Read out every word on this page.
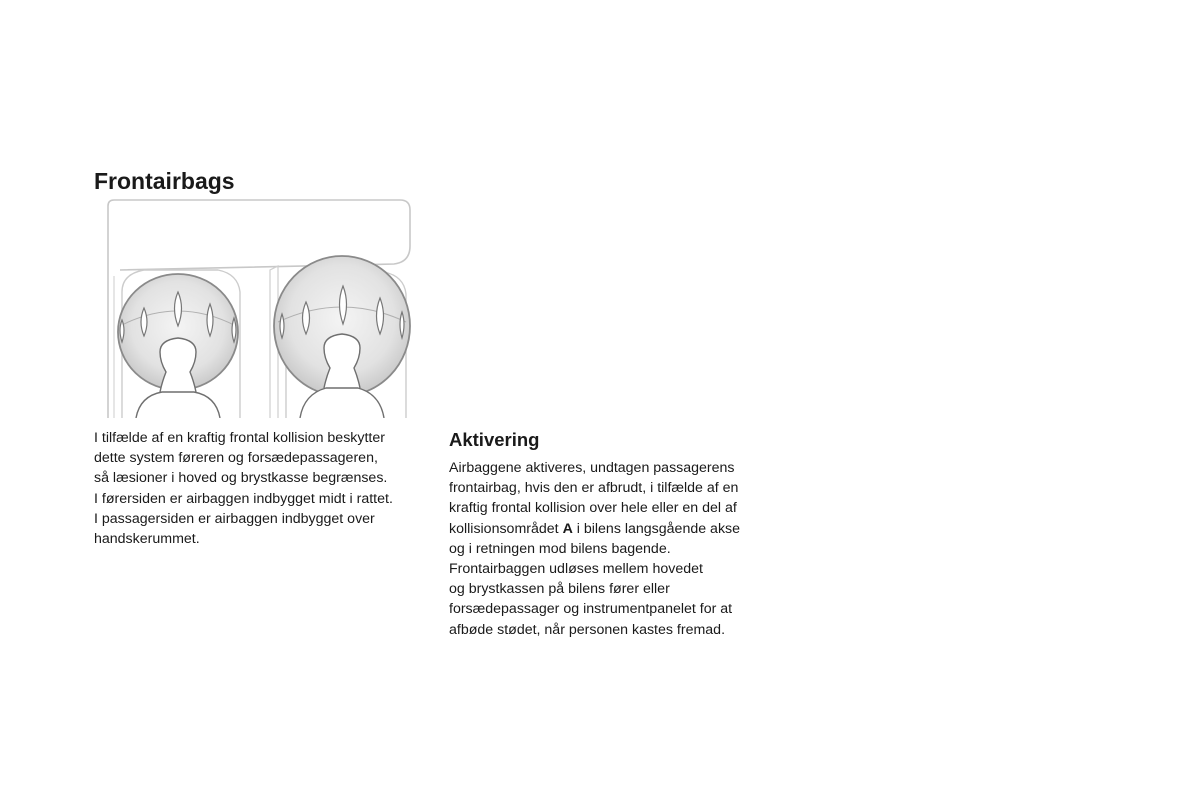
Frontairbags

I tilfælde af en kraftig frontal kollision beskytter

dette system føreren og forsædepassageren,

så læsioner i hoved og brystkasse begrænses.

I førersiden er airbaggen indbygget midt i rattet.

I passagersiden er airbaggen indbygget over

handskerummet.

Aktivering

Airbaggene aktiveres, undtagen passagerens

frontairbag, hvis den er afbrudt, i tilfælde af en

kraftig frontal kollision over hele eller en del af

kollisionsområdet A i bilens langsgående akse

og i retningen mod bilens bagende.

Frontairbaggen udløses mellem hovedet

og brystkassen på bilens fører eller

forsædepassager og instrumentpanelet for at

afbøde stødet, når personen kastes fremad.
